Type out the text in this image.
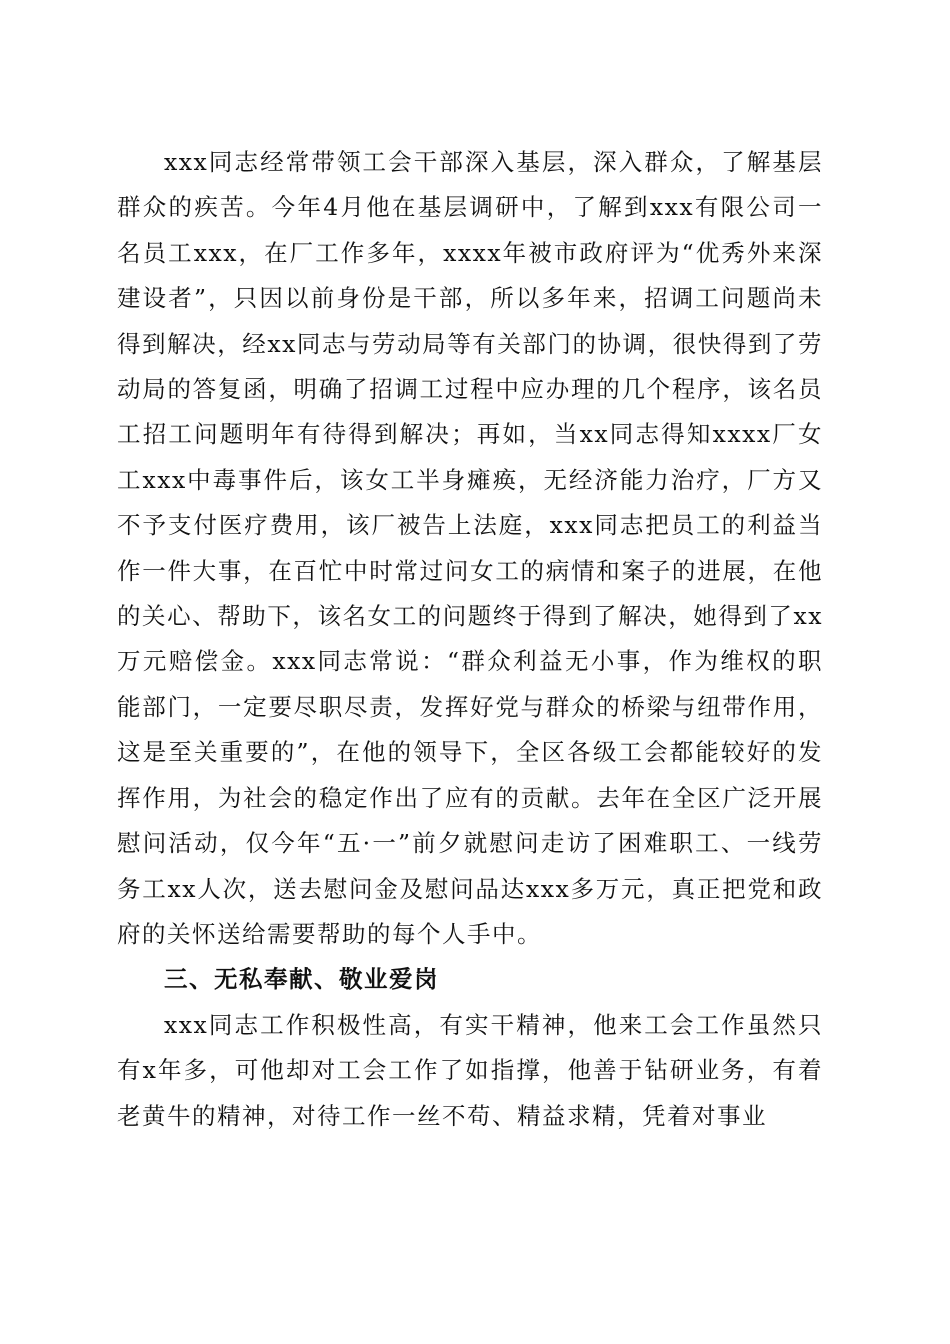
xxx同志经常带领工会干部深入基层，深入群众，了解基层群众的疾苦。今年4月他在基层调研中，了解到xxx有限公司一名员工xxx，在厂工作多年，xxxx年被市政府评为“优秀外来深建设者”，只因以前身份是干部，所以多年来，招调工问题尚未得到解决，经xx同志与劳动局等有关部门的协调，很快得到了劳动局的答复函，明确了招调工过程中应办理的几个程序，该名员工招工问题明年有待得到解决；再如，当xx同志得知xxxx厂女工xxx中毒事件后，该女工半身瘫痪，无经济能力治疗，厂方又不予支付医疗费用，该厂被告上法庭，xxx同志把员工的利益当作一件大事，在百忙中时常过问女工的病情和案子的进展，在他的关心、帮助下，该名女工的问题终于得到了解决，她得到了xx万元赔偿金。xxx同志常说：“群众利益无小事，作为维权的职能部门，一定要尽职尽责，发挥好党与群众的桥梁与纽带作用，这是至关重要的”，在他的领导下，全区各级工会都能较好的发挥作用，为社会的稳定作出了应有的贡献。去年在全区广泛开展慰问活动，仅今年“五·一”前夕就慰问走访了困难职工、一线劳务工xx人次，送去慰问金及慰问品达xxx多万元，真正把党和政府的关怀送给需要帮助的每个人手中。

三、无私奉献、敬业爱岗

xxx同志工作积极性高，有实干精神，他来工会工作虽然只有x年多，可他却对工会工作了如指撑，他善于钻研业务，有着老黄牛的精神，对待工作一丝不苟、精益求精，凭着对事业
